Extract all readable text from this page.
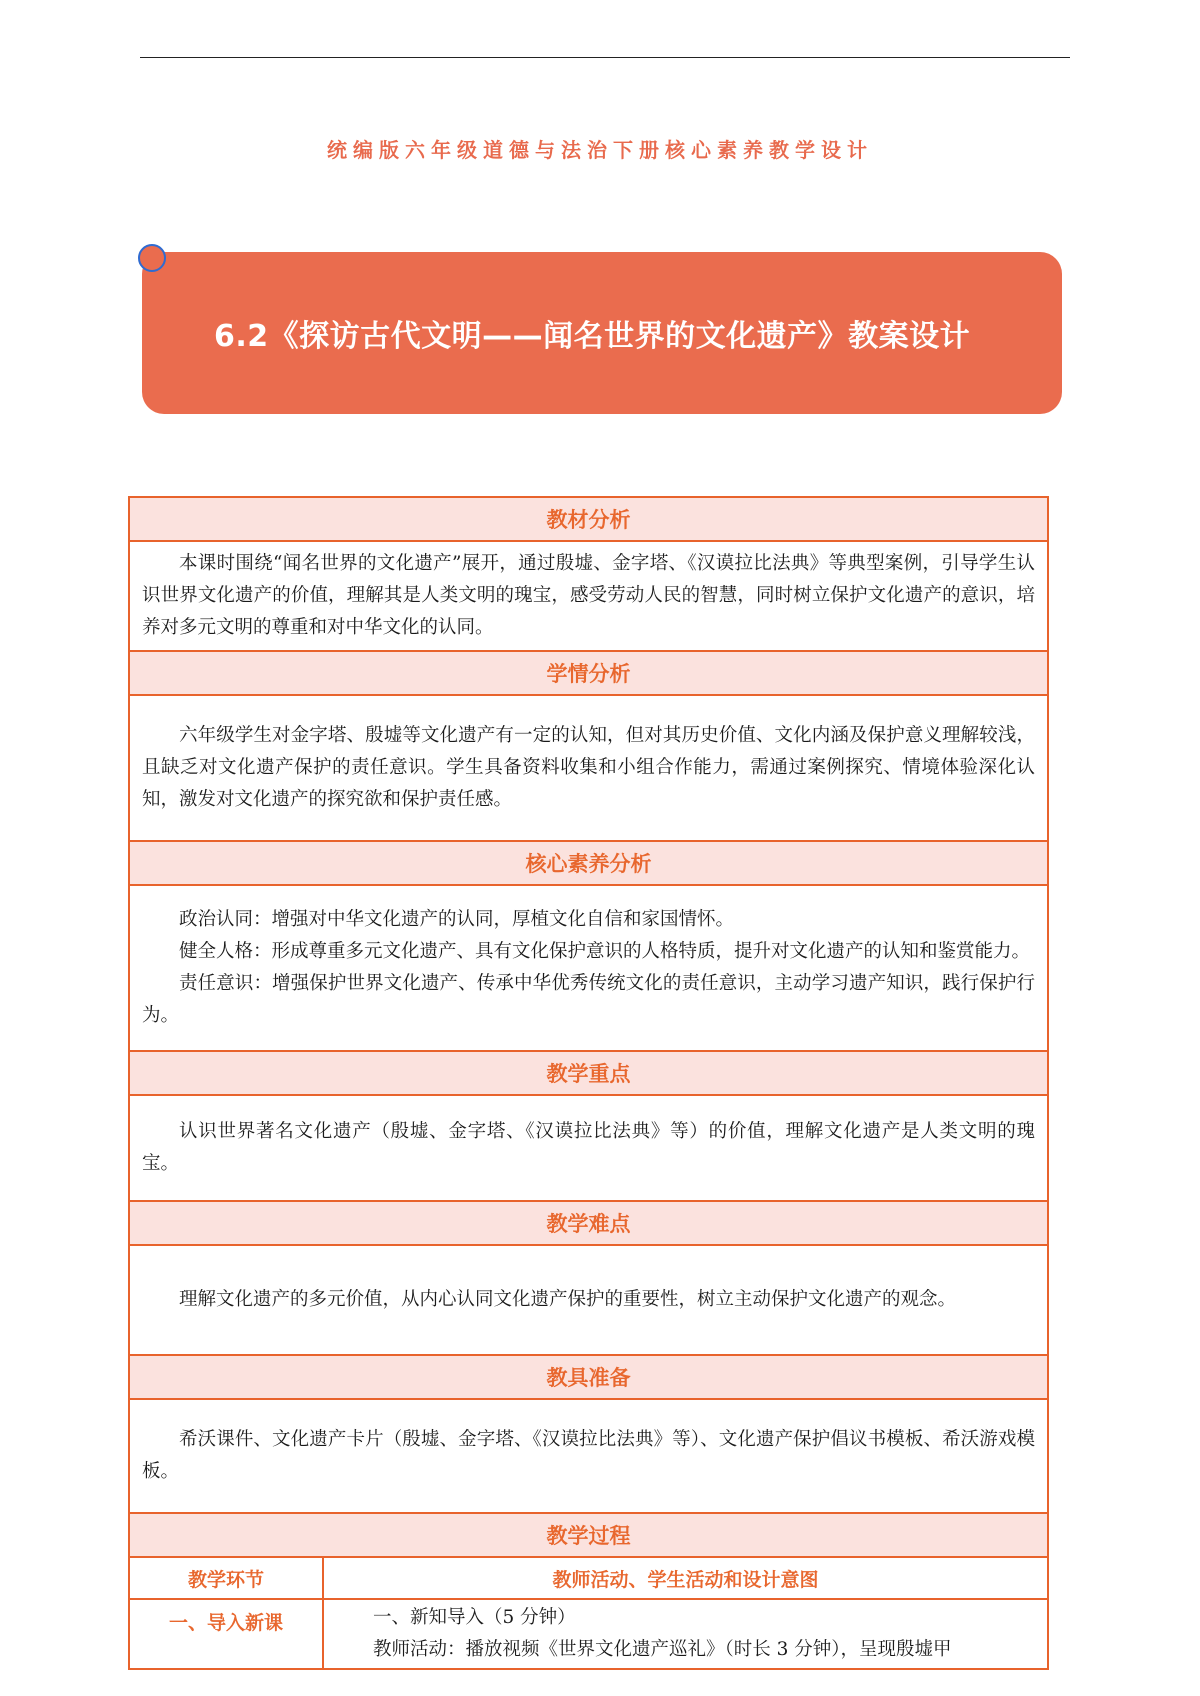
统编版六年级道德与法治下册核心素养教学设计
6.2《探访古代文明——闻名世界的文化遗产》教案设计
教材分析	

本课时围绕“闻名世界的文化遗产”展开，通过殷墟、金字塔、《汉谟拉比法典》等典型案例，引导学生认识世界文化遗产的价值，理解其是人类文明的瑰宝，感受劳动人民的智慧，同时树立保护文化遗产的意识，培养对多元文明的尊重和对中华文化的认同。	

学情分析	

六年级学生对金字塔、殷墟等文化遗产有一定的认知，但对其历史价值、文化内涵及保护意义理解较浅，且缺乏对文化遗产保护的责任意识。学生具备资料收集和小组合作能力，需通过案例探究、情境体验深化认知，激发对文化遗产的探究欲和保护责任感。	

核心素养分析	

政治认同：增强对中华文化遗产的认同，厚植文化自信和家国情怀。

健全人格：形成尊重多元文化遗产、具有文化保护意识的人格特质，提升对文化遗产的认知和鉴赏能力。

责任意识：增强保护世界文化遗产、传承中华优秀传统文化的责任意识，主动学习遗产知识，践行保护行为。	

教学重点	

认识世界著名文化遗产（殷墟、金字塔、《汉谟拉比法典》等）的价值，理解文化遗产是人类文明的瑰宝。	

教学难点	

理解文化遗产的多元价值，从内心认同文化遗产保护的重要性，树立主动保护文化遗产的观念。	

教具准备	

希沃课件、文化遗产卡片（殷墟、金字塔、《汉谟拉比法典》等）、文化遗产保护倡议书模板、希沃游戏模板。	

教学过程	
教学环节	教师活动、学生活动和设计意图
一、导入新课	一、新知导入（5 分钟）

教师活动：播放视频《世界文化遗产巡礼》（时长 3 分钟），呈现殷墟甲
